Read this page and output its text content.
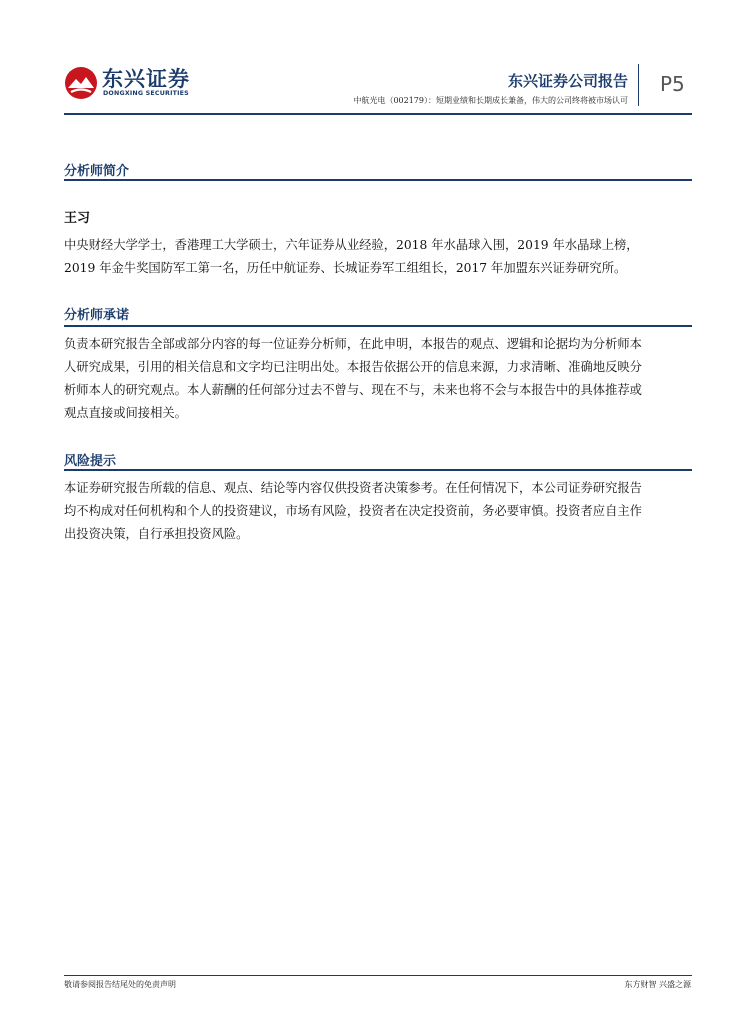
东兴证券
DONGXING SECURITIES
东兴证券公司报告
中航光电（002179）：短期业绩和长期成长兼备，伟大的公司终将被市场认可
P5
分析师简介
王习
中央财经大学学士，香港理工大学硕士，六年证券从业经验，2018 年水晶球入围，2019 年水晶球上榜，
2019 年金牛奖国防军工第一名，历任中航证券、长城证券军工组组长，2017 年加盟东兴证券研究所。
分析师承诺
负责本研究报告全部或部分内容的每一位证券分析师，在此申明，本报告的观点、逻辑和论据均为分析师本
人研究成果，引用的相关信息和文字均已注明出处。本报告依据公开的信息来源，力求清晰、准确地反映分
析师本人的研究观点。本人薪酬的任何部分过去不曾与、现在不与，未来也将不会与本报告中的具体推荐或
观点直接或间接相关。
风险提示
本证券研究报告所载的信息、观点、结论等内容仅供投资者决策参考。在任何情况下，本公司证券研究报告
均不构成对任何机构和个人的投资建议，市场有风险，投资者在决定投资前，务必要审慎。投资者应自主作
出投资决策，自行承担投资风险。
敬请参阅报告结尾处的免责声明	东方财智 兴盛之源
